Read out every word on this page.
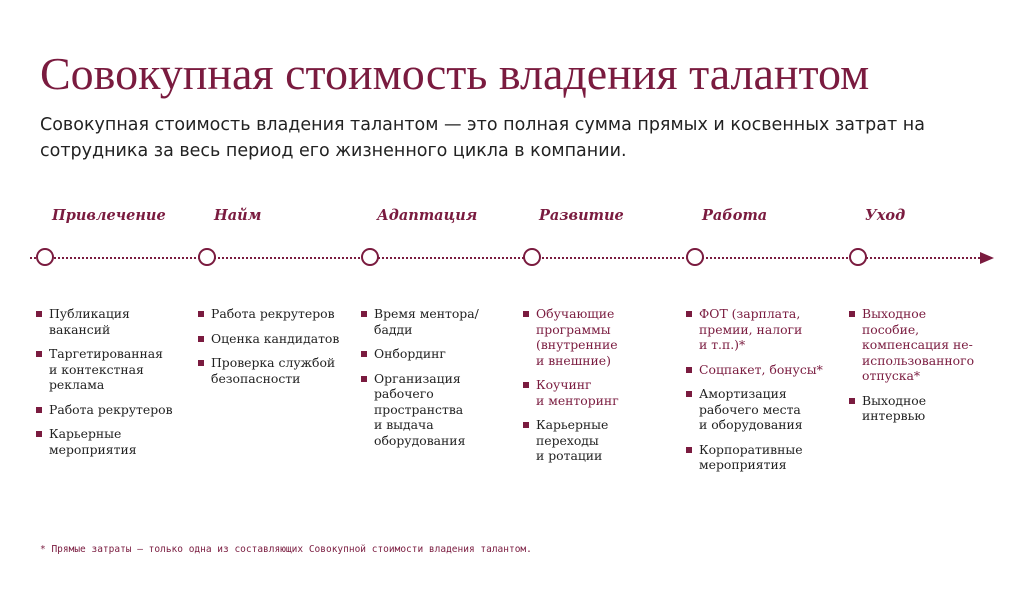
Совокупная стоимость владения талантом
Совокупная стоимость владения талантом — это полная сумма прямых и косвенных затрат на сотрудника за весь период его жизненного цикла в компании.
Привлечение
Публикация
вакансий
Таргетированная
и контекстная
реклама
Работа рекрутеров
Карьерные
мероприятия
Найм
Работа рекрутеров
Оценка кандидатов
Проверка службой
безопасности
Адаптация
Время ментора/
бадди
Онбординг
Организация
рабочего
пространства
и выдача
оборудования
Развитие
Обучающие
программы
(внутренние
и внешние)
Коучинг
и менторинг
Карьерные
переходы
и ротации
Работа
ФОТ (зарплата,
премии, налоги
и т.п.)*
Соцпакет, бонусы*
Амортизация
рабочего места
и оборудования
Корпоративные
мероприятия
Уход
Выходное
пособие,
компенсация не-
использованного
отпуска*
Выходное
интервью
* Прямые затраты — только одна из составляющих Совокупной стоимости владения талантом.
